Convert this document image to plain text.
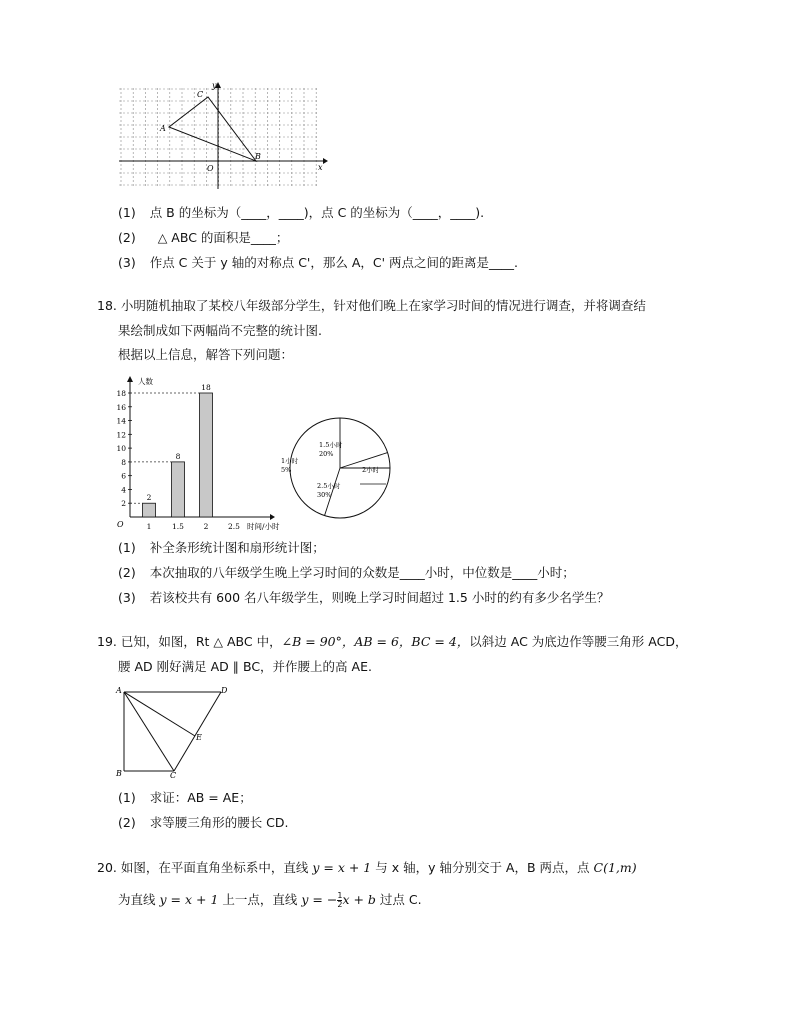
y
x
O
A
B
C
(1) 点 B 的坐标为（____，____)，点 C 的坐标为（____，____).
(2) △ ABC 的面积是____；
(3) 作点 C 关于 y 轴的对称点 C'，那么 A，C' 两点之间的距离是____.
18. 小明随机抽取了某校八年级部分学生，针对他们晚上在家学习时间的情况进行调查，并将调查结
果绘制成如下两幅尚不完整的统计图.
根据以上信息，解答下列问题：
人数
时间/小时
O
2
4
6
8
10
12
14
16
18
1	1.5	2	2.5
2
8
18
1.5小时
20%
1小时
5%
2.5小时
30%
2小时
(1) 补全条形统计图和扇形统计图；
(2) 本次抽取的八年级学生晚上学习时间的众数是____小时，中位数是____小时；
(3) 若该校共有 600 名八年级学生，则晚上学习时间超过 1.5 小时的约有多少名学生？
19. 已知，如图，Rt △ ABC 中，∠B = 90°，AB = 6，BC = 4，以斜边 AC 为底边作等腰三角形 ACD，
腰 AD 刚好满足 AD ∥ BC，并作腰上的高 AE.
A
B	C
D
E
(1) 求证：AB = AE；
(2) 求等腰三角形的腰长 CD.
20. 如图，在平面直角坐标系中，直线 y = x + 1 与 x 轴，y 轴分别交于 A，B 两点，点 C(1,m)
为直线 y = x + 1 上一点，直线 y = − $\frac{1}{2}$ x + b 过点 C.
